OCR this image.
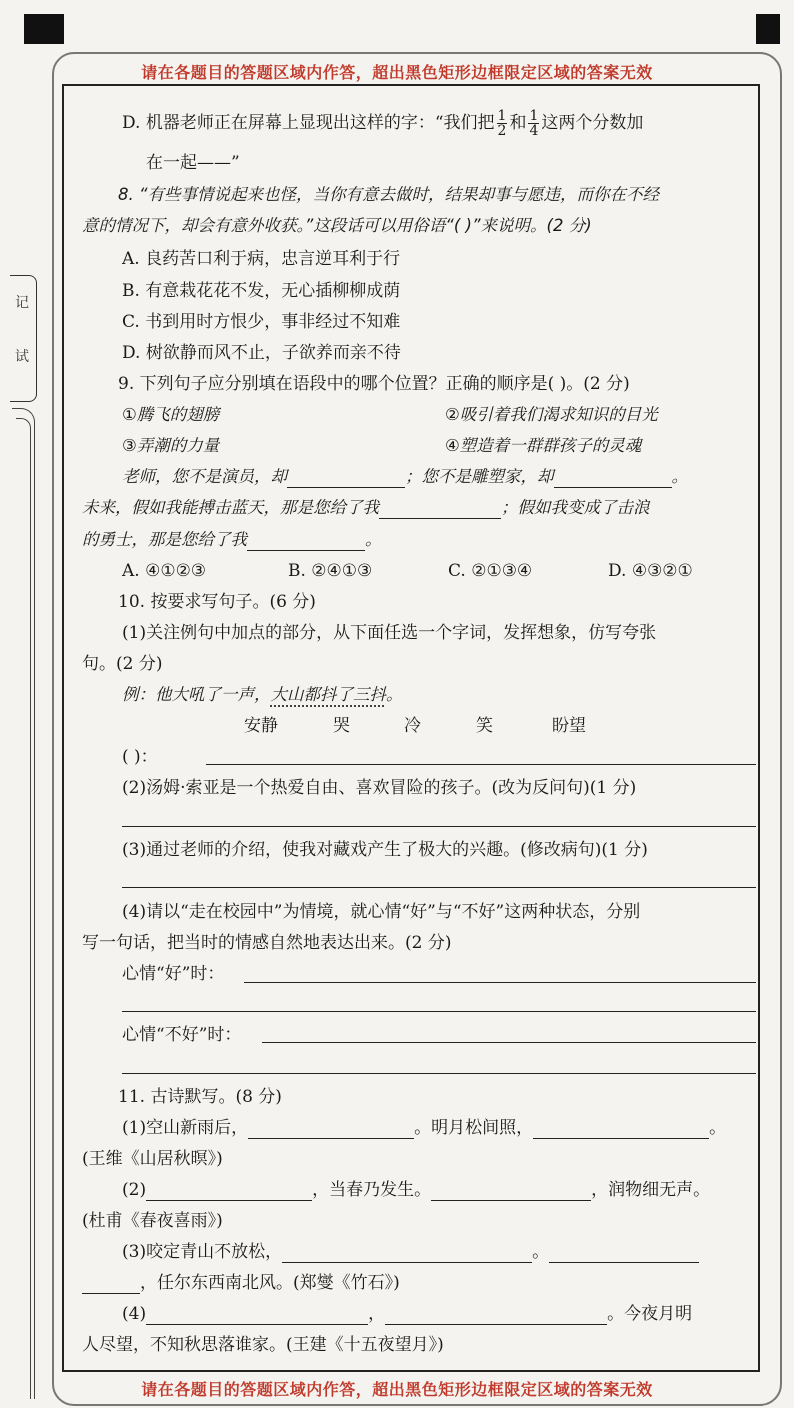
请在各题目的答题区域内作答，超出黑色矩形边框限定区域的答案无效
请在各题目的答题区域内作答，超出黑色矩形边框限定区域的答案无效
记
试
D. 机器老师正在屏幕上显现出这样的字：“我们把 $\frac{1}{2}$ 和 $\frac{1}{4}$ 这两个分数加
在一起——”
8. “有些事情说起来也怪，当你有意去做时，结果却事与愿违，而你在不经
意的情况下，却会有意外收获。”这段话可以用俗语“( )”来说明。(2 分)
A. 良药苦口利于病，忠言逆耳利于行
B. 有意栽花花不发，无心插柳柳成荫
C. 书到用时方恨少，事非经过不知难
D. 树欲静而风不止，子欲养而亲不待
9. 下列句子应分别填在语段中的哪个位置？正确的顺序是( )。(2 分)
①腾飞的翅膀	②吸引着我们渴求知识的目光
③弄潮的力量	④塑造着一群群孩子的灵魂
老师，您不是演员，却	；您不是雕塑家，却	。
未来，假如我能搏击蓝天，那是您给了我	；假如我变成了击浪
的勇士，那是您给了我	。
A. ④①②③	B. ②④①③	C. ②①③④	D. ④③②①
10. 按要求写句子。(6 分)
(1)关注例句中加点的部分，从下面任选一个字词，发挥想象，仿写夸张
句。(2 分)
例：他大吼了一声，大山都抖了三抖。
安静	哭	冷	笑	盼望
( )：
(2)汤姆·索亚是一个热爱自由、喜欢冒险的孩子。(改为反问句)(1 分)
(3)通过老师的介绍，使我对藏戏产生了极大的兴趣。(修改病句)(1 分)
(4)请以“走在校园中”为情境，就心情“好”与“不好”这两种状态，分别
写一句话，把当时的情感自然地表达出来。(2 分)
心情“好”时：
心情“不好”时：
11. 古诗默写。(8 分)
(1)空山新雨后，	。明月松间照，	。
(王维《山居秋暝》)
(2)	，当春乃发生。	，润物细无声。
(杜甫《春夜喜雨》)
(3)咬定青山不放松，	。
，任尔东西南北风。(郑燮《竹石》)
(4)	，	。今夜月明
人尽望，不知秋思落谁家。(王建《十五夜望月》)
